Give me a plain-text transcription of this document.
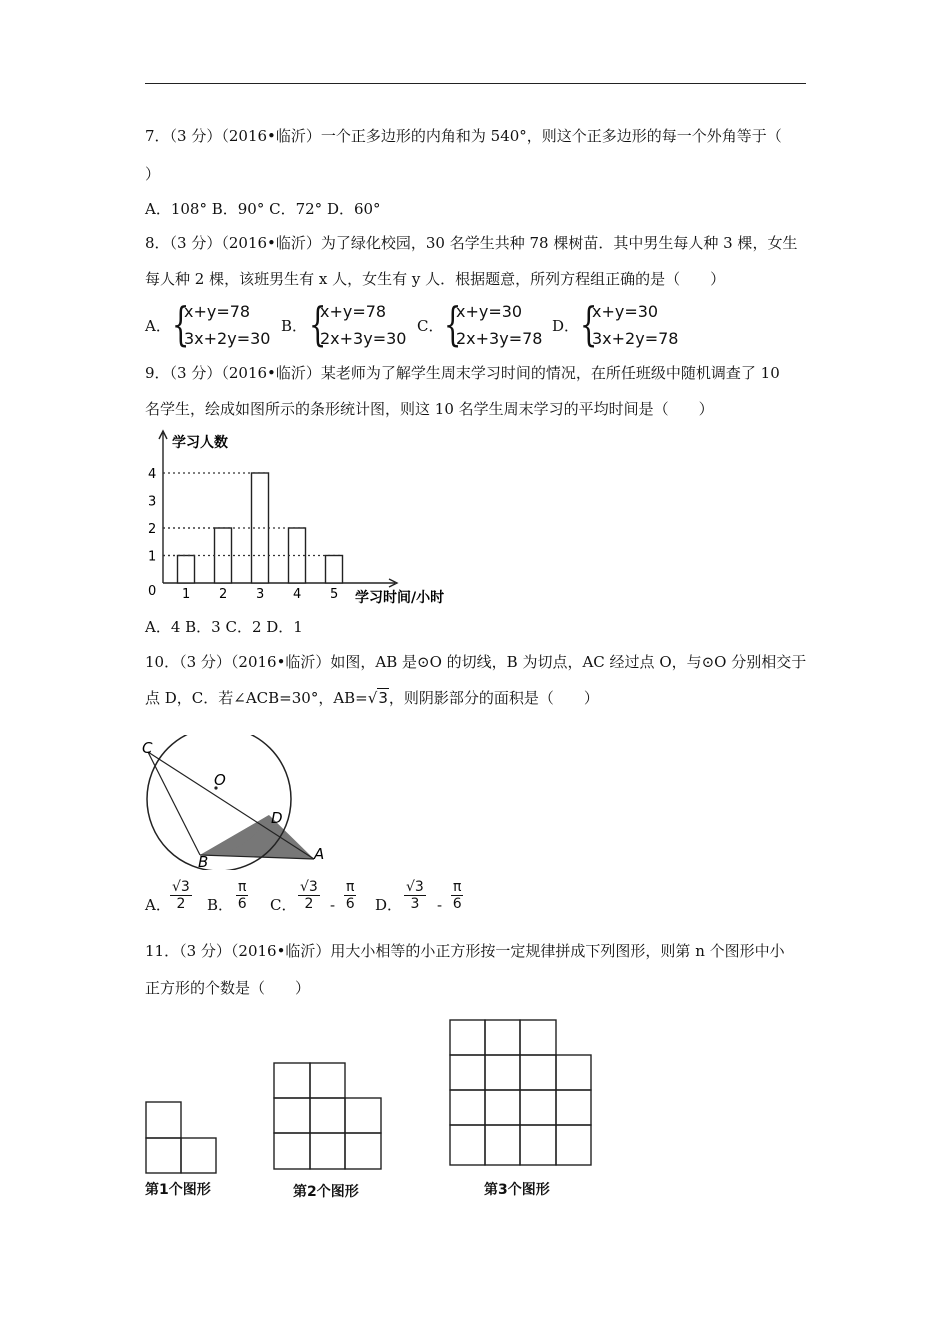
7．（3 分）（2016•临沂）一个正多边形的内角和为 540°，则这个正多边形的每一个外角等于（
）
A．108° B．90° C．72° D．60°
8．（3 分）（2016•临沂）为了绿化校园，30 名学生共种 78 棵树苗．其中男生每人种 3 棵，女生
每人种 2 棵，该班男生有 x 人，女生有 y 人．根据题意，所列方程组正确的是（　　）
A． {
x+y=78
3x+2y=30
B． {
x+y=78
2x+3y=30
C． {
x+y=30
2x+3y=78
D． {
x+y=30
3x+2y=78
9．（3 分）（2016•临沂）某老师为了解学生周末学习时间的情况，在所任班级中随机调查了 10
名学生，绘成如图所示的条形统计图，则这 10 名学生周末学习的平均时间是（　　）
0
1
2
3
4
1 2 3 4 5
学习人数
学习时间/小时
A．4 B．3 C．2 D．1
10．（3 分）（2016•临沂）如图，AB 是⊙O 的切线，B 为切点，AC 经过点 O，与⊙O 分别相交于
点 D，C．若∠ACB=30°，AB=√3，则阴影部分的面积是（　　）
C
O
D
B	A
A． $\frac{√3}{2}$ B． $\frac{\pi}{6}$ C． $\frac{√3}{2} - \frac{\pi}{6}$ D． $\frac{√3}{3} - \frac{\pi}{6}$
11．（3 分）（2016•临沂）用大小相等的小正方形按一定规律拼成下列图形，则第 n 个图形中小
正方形的个数是（　　）
第1个图形	第2个图形	第3个图形
